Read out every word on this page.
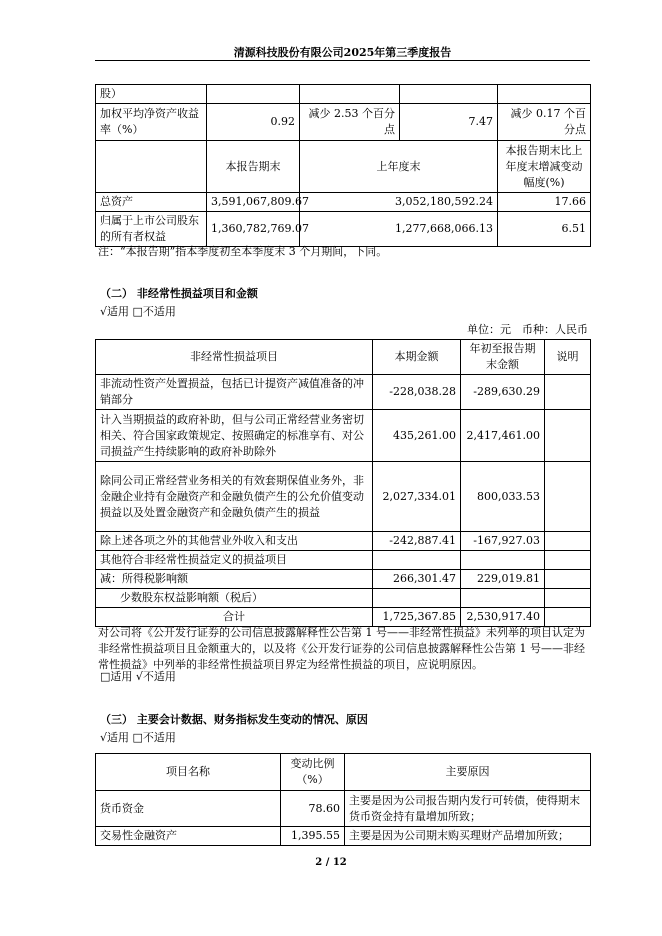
清源科技股份有限公司2025年第三季度报告
股）				
加权平均净资产收益率（%）	0.92	减少 2.53 个百分点	7.47	减少 0.17 个百分点
	本报告期末	上年度末		本报告期末比上年度末增减变动幅度(%)
总资产	3,591,067,809.67	3,052,180,592.24		17.66
归属于上市公司股东的所有者权益	1,360,782,769.07	1,277,668,066.13		6.51
注：“本报告期”指本季度初至本季度末 3 个月期间，下同。
（二） 非经常性损益项目和金额
√适用 □不适用
单位：元　币种：人民币
非经常性损益项目	本期金额	年初至报告期末金额	说明
非流动性资产处置损益，包括已计提资产减值准备的冲销部分	-228,038.28	-289,630.29	
计入当期损益的政府补助，但与公司正常经营业务密切相关、符合国家政策规定、按照确定的标准享有、对公司损益产生持续影响的政府补助除外	435,261.00	2,417,461.00	
除同公司正常经营业务相关的有效套期保值业务外，非金融企业持有金融资产和金融负债产生的公允价值变动损益以及处置金融资产和金融负债产生的损益	2,027,334.01	800,033.53	
除上述各项之外的其他营业外收入和支出	-242,887.41	-167,927.03	
其他符合非经常性损益定义的损益项目			
减：所得税影响额	266,301.47	229,019.81	
少数股东权益影响额（税后）			
合计	1,725,367.85	2,530,917.40	
对公司将《公开发行证券的公司信息披露解释性公告第 1 号——非经常性损益》未列举的项目认定为非经常性损益项目且金额重大的，以及将《公开发行证券的公司信息披露解释性公告第 1 号——非经常性损益》中列举的非经常性损益项目界定为经常性损益的项目，应说明原因。
□适用 √不适用
（三） 主要会计数据、财务指标发生变动的情况、原因
√适用 □不适用
项目名称	变动比例（%）	主要原因
货币资金	78.60	主要是因为公司报告期内发行可转债，使得期末货币资金持有量增加所致；
交易性金融资产	1,395.55	主要是因为公司期末购买理财产品增加所致；
2 / 12
